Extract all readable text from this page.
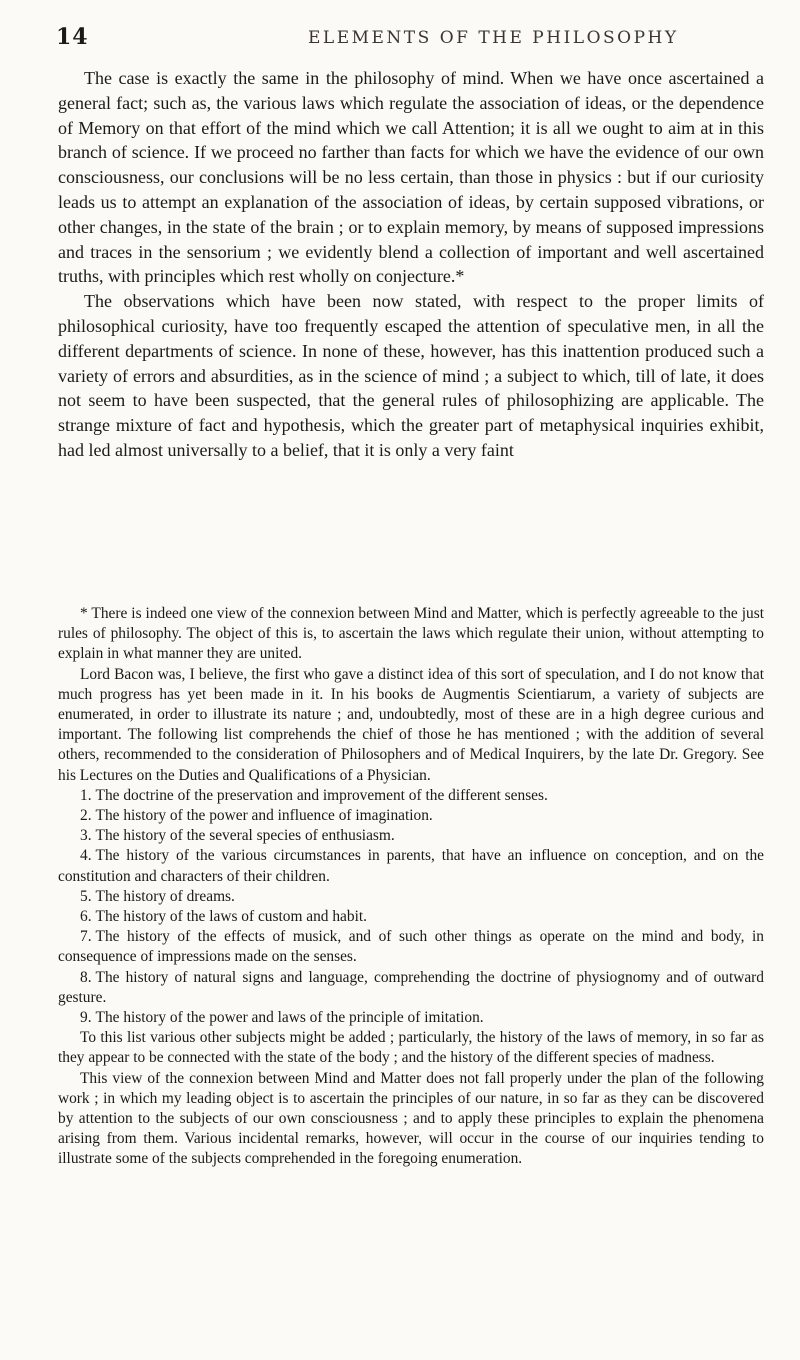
14	ELEMENTS OF THE PHILOSOPHY

The case is exactly the same in the philosophy of mind. When we have once ascertained a general fact; such as, the various laws which regulate the association of ideas, or the dependence of Memory on that effort of the mind which we call Attention; it is all we ought to aim at in this branch of science. If we proceed no farther than facts for which we have the evidence of our own consciousness, our conclusions will be no less certain, than those in physics : but if our curiosity leads us to attempt an explanation of the association of ideas, by certain supposed vibrations, or other changes, in the state of the brain ; or to explain memory, by means of supposed impressions and traces in the sensorium ; we evidently blend a collection of important and well ascertained truths, with principles which rest wholly on conjecture.*

The observations which have been now stated, with respect to the proper limits of philosophical curiosity, have too frequently escaped the attention of speculative men, in all the different departments of science. In none of these, however, has this inattention produced such a variety of errors and absurdities, as in the science of mind ; a subject to which, till of late, it does not seem to have been suspected, that the general rules of philosophizing are applicable. The strange mixture of fact and hypothesis, which the greater part of metaphysical inquiries exhibit, had led almost universally to a belief, that it is only a very faint

* There is indeed one view of the connexion between Mind and Matter, which is perfectly agreeable to the just rules of philosophy. The object of this is, to ascertain the laws which regulate their union, without attempting to explain in what manner they are united.

Lord Bacon was, I believe, the first who gave a distinct idea of this sort of speculation, and I do not know that much progress has yet been made in it. In his books de Augmentis Scientiarum, a variety of subjects are enumerated, in order to illustrate its nature ; and, undoubtedly, most of these are in a high degree curious and important. The following list comprehends the chief of those he has mentioned ; with the addition of several others, recommended to the consideration of Philosophers and of Medical Inquirers, by the late Dr. Gregory. See his Lectures on the Duties and Qualifications of a Physician.

1. The doctrine of the preservation and improvement of the different senses.
2. The history of the power and influence of imagination.
3. The history of the several species of enthusiasm.
4. The history of the various circumstances in parents, that have an influence on conception, and on the constitution and characters of their children.
5. The history of dreams.
6. The history of the laws of custom and habit.
7. The history of the effects of musick, and of such other things as operate on the mind and body, in consequence of impressions made on the senses.
8. The history of natural signs and language, comprehending the doctrine of physiognomy and of outward gesture.
9. The history of the power and laws of the principle of imitation.

To this list various other subjects might be added ; particularly, the history of the laws of memory, in so far as they appear to be connected with the state of the body ; and the history of the different species of madness.

This view of the connexion between Mind and Matter does not fall properly under the plan of the following work ; in which my leading object is to ascertain the principles of our nature, in so far as they can be discovered by attention to the subjects of our own consciousness ; and to apply these principles to explain the phenomena arising from them. Various incidental remarks, however, will occur in the course of our inquiries tending to illustrate some of the subjects comprehended in the foregoing enumeration.
